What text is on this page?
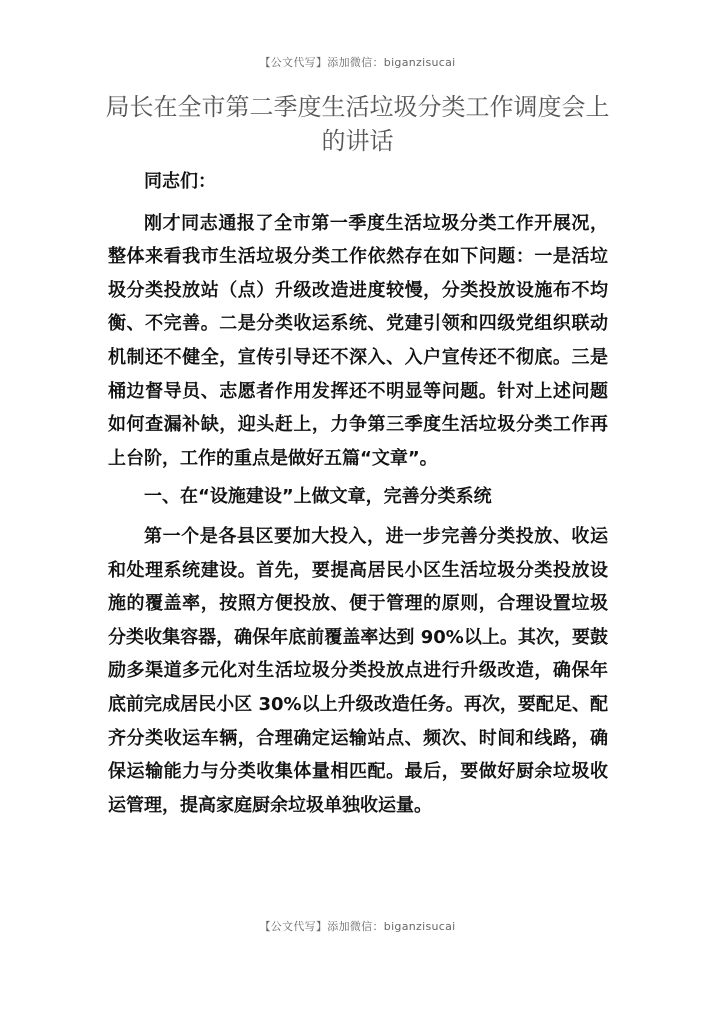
【公文代写】添加微信：biganzisucai
局长在全市第二季度生活垃圾分类工作调度会上的讲话

同志们：

刚才同志通报了全市第一季度生活垃圾分类工作开展况，整体来看我市生活垃圾分类工作依然存在如下问题：一是活垃圾分类投放站（点）升级改造进度较慢，分类投放设施布不均衡、不完善。二是分类收运系统、党建引领和四级党组织联动机制还不健全，宣传引导还不深入、入户宣传还不彻底。三是桶边督导员、志愿者作用发挥还不明显等问题。针对上述问题如何查漏补缺，迎头赶上，力争第三季度生活垃圾分类工作再上台阶，工作的重点是做好五篇“文章”。

一、在“设施建设”上做文章，完善分类系统

第一个是各县区要加大投入，进一步完善分类投放、收运和处理系统建设。首先，要提高居民小区生活垃圾分类投放设施的覆盖率，按照方便投放、便于管理的原则，合理设置垃圾分类收集容器，确保年底前覆盖率达到 90%以上。其次，要鼓励多渠道多元化对生活垃圾分类投放点进行升级改造，确保年底前完成居民小区 30%以上升级改造任务。再次，要配足、配齐分类收运车辆，合理确定运输站点、频次、时间和线路，确保运输能力与分类收集体量相匹配。最后，要做好厨余垃圾收运管理，提高家庭厨余垃圾单独收运量。

【公文代写】添加微信：biganzisucai
